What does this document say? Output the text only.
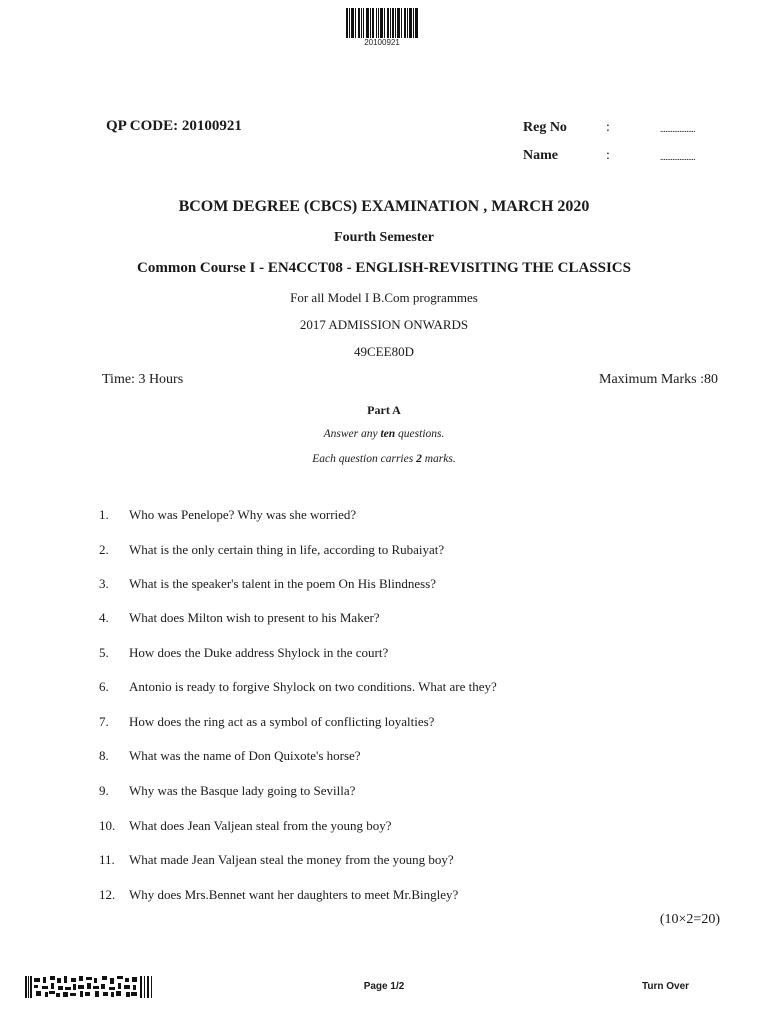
20100921
QP CODE: 20100921	Reg No	:	....................
Name	:	....................
BCOM DEGREE (CBCS) EXAMINATION , MARCH 2020
Fourth Semester
Common Course I - EN4CCT08 - ENGLISH-REVISITING THE CLASSICS
For all Model I B.Com programmes
2017 ADMISSION ONWARDS
49CEE80D
Time: 3 Hours	Maximum Marks :80
Part A
Answer any ten questions.
Each question carries 2 marks.
1. Who was Penelope? Why was she worried?
2. What is the only certain thing in life, according to Rubaiyat?
3. What is the speaker's talent in the poem On His Blindness?
4. What does Milton wish to present to his Maker?
5. How does the Duke address Shylock in the court?
6. Antonio is ready to forgive Shylock on two conditions. What are they?
7. How does the ring act as a symbol of conflicting loyalties?
8. What was the name of Don Quixote's horse?
9. Why was the Basque lady going to Sevilla?
10. What does Jean Valjean steal from the young boy?
11. What made Jean Valjean steal the money from the young boy?
12. Why does Mrs.Bennet want her daughters to meet Mr.Bingley?
(10×2=20)
Page 1/2	Turn Over
